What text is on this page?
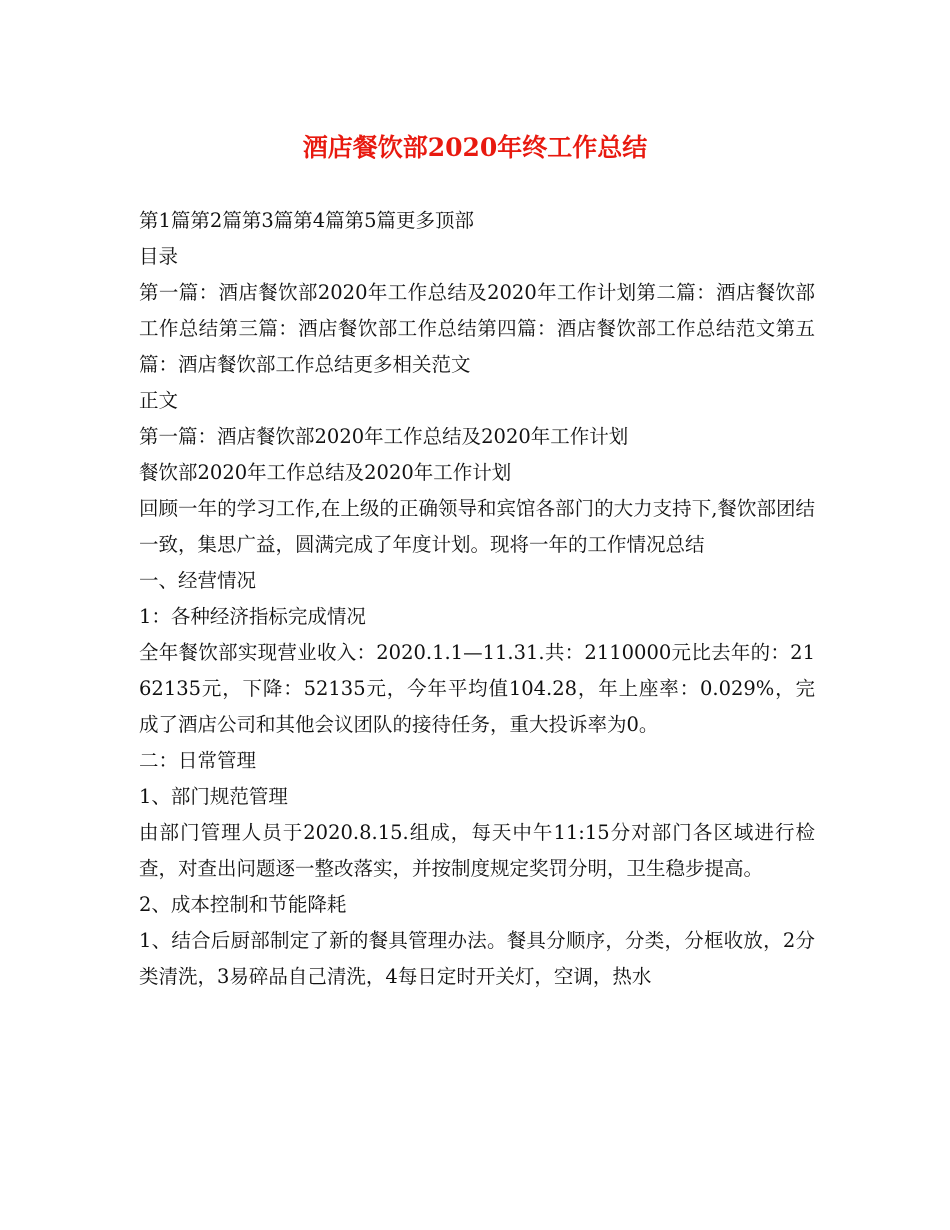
酒店餐饮部2020年终工作总结

第1篇第2篇第3篇第4篇第5篇更多顶部

目录

第一篇：酒店餐饮部2020年工作总结及2020年工作计划第二篇：酒店餐饮部工作总结第三篇：酒店餐饮部工作总结第四篇：酒店餐饮部工作总结范文第五篇：酒店餐饮部工作总结更多相关范文

正文

第一篇：酒店餐饮部2020年工作总结及2020年工作计划

餐饮部2020年工作总结及2020年工作计划

回顾一年的学习工作,在上级的正确领导和宾馆各部门的大力支持下,餐饮部团结一致，集思广益，圆满完成了年度计划。现将一年的工作情况总结

一、经营情况

1：各种经济指标完成情况

全年餐饮部实现营业收入：2020.1.1—11.31.共：2110000元比去年的：2162135元，下降：52135元，今年平均值104.28，年上座率：0.029%，完成了酒店公司和其他会议团队的接待任务，重大投诉率为0。

二：日常管理

1、部门规范管理

由部门管理人员于2020.8.15.组成，每天中午11:15分对部门各区域进行检查，对查出问题逐一整改落实，并按制度规定奖罚分明，卫生稳步提高。

2、成本控制和节能降耗

1、结合后厨部制定了新的餐具管理办法。餐具分顺序，分类，分框收放，2分类清洗，3易碎品自己清洗，4每日定时开关灯，空调，热水
